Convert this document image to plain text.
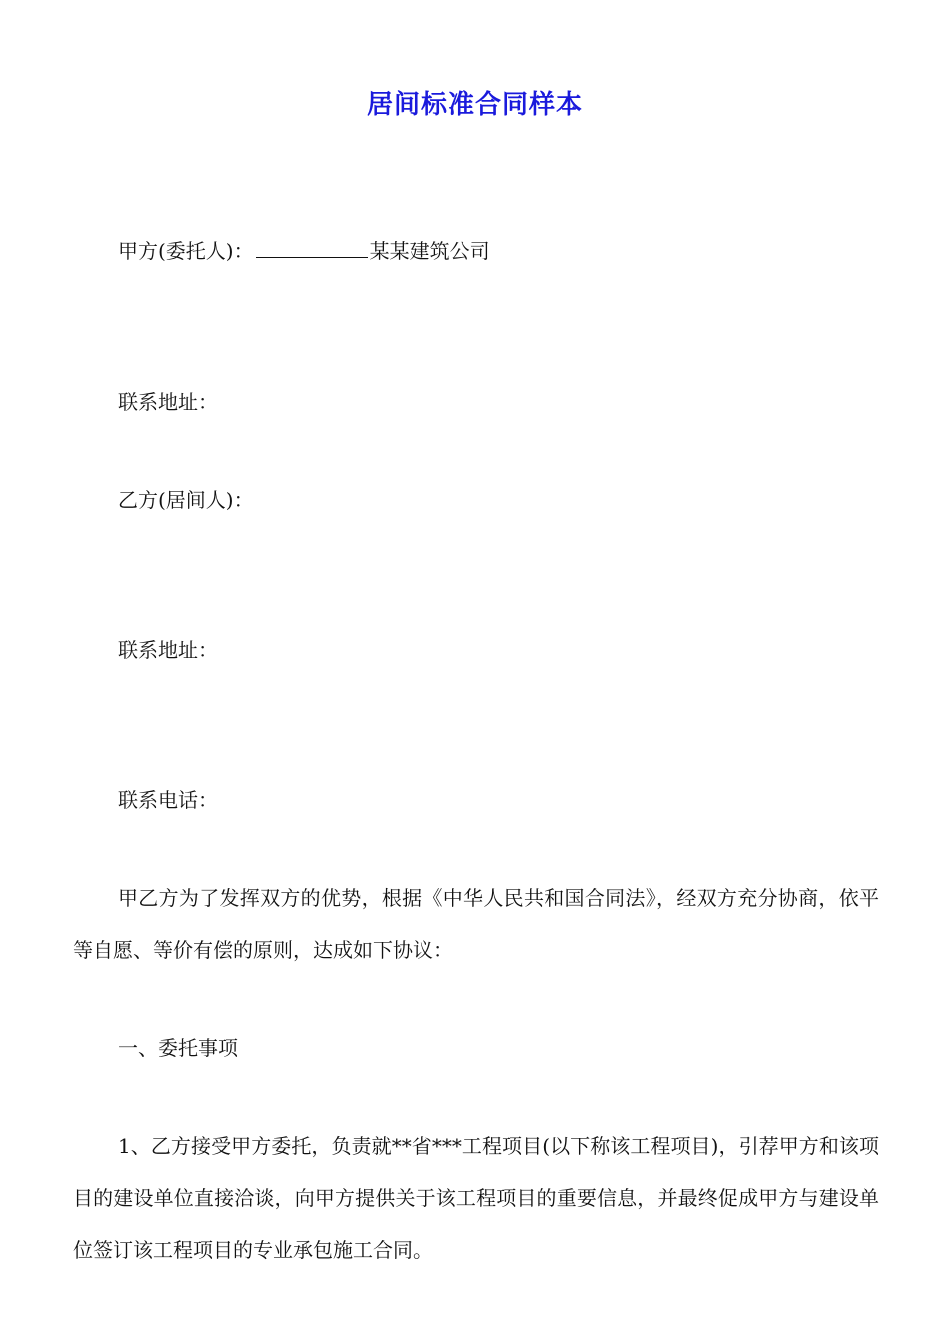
居间标准合同样本
甲方(委托人)：	某某建筑公司
联系地址：
乙方(居间人)：
联系地址：
联系电话：
甲乙方为了发挥双方的优势，根据《中华人民共和国合同法》，经双方充分协商，依平等自愿、等价有偿的原则，达成如下协议：
一、委托事项
1、乙方接受甲方委托，负责就**省***工程项目(以下称该工程项目)，引荐甲方和该项目的建设单位直接洽谈，向甲方提供关于该工程项目的重要信息，并最终促成甲方与建设单位签订该工程项目的专业承包施工合同。
